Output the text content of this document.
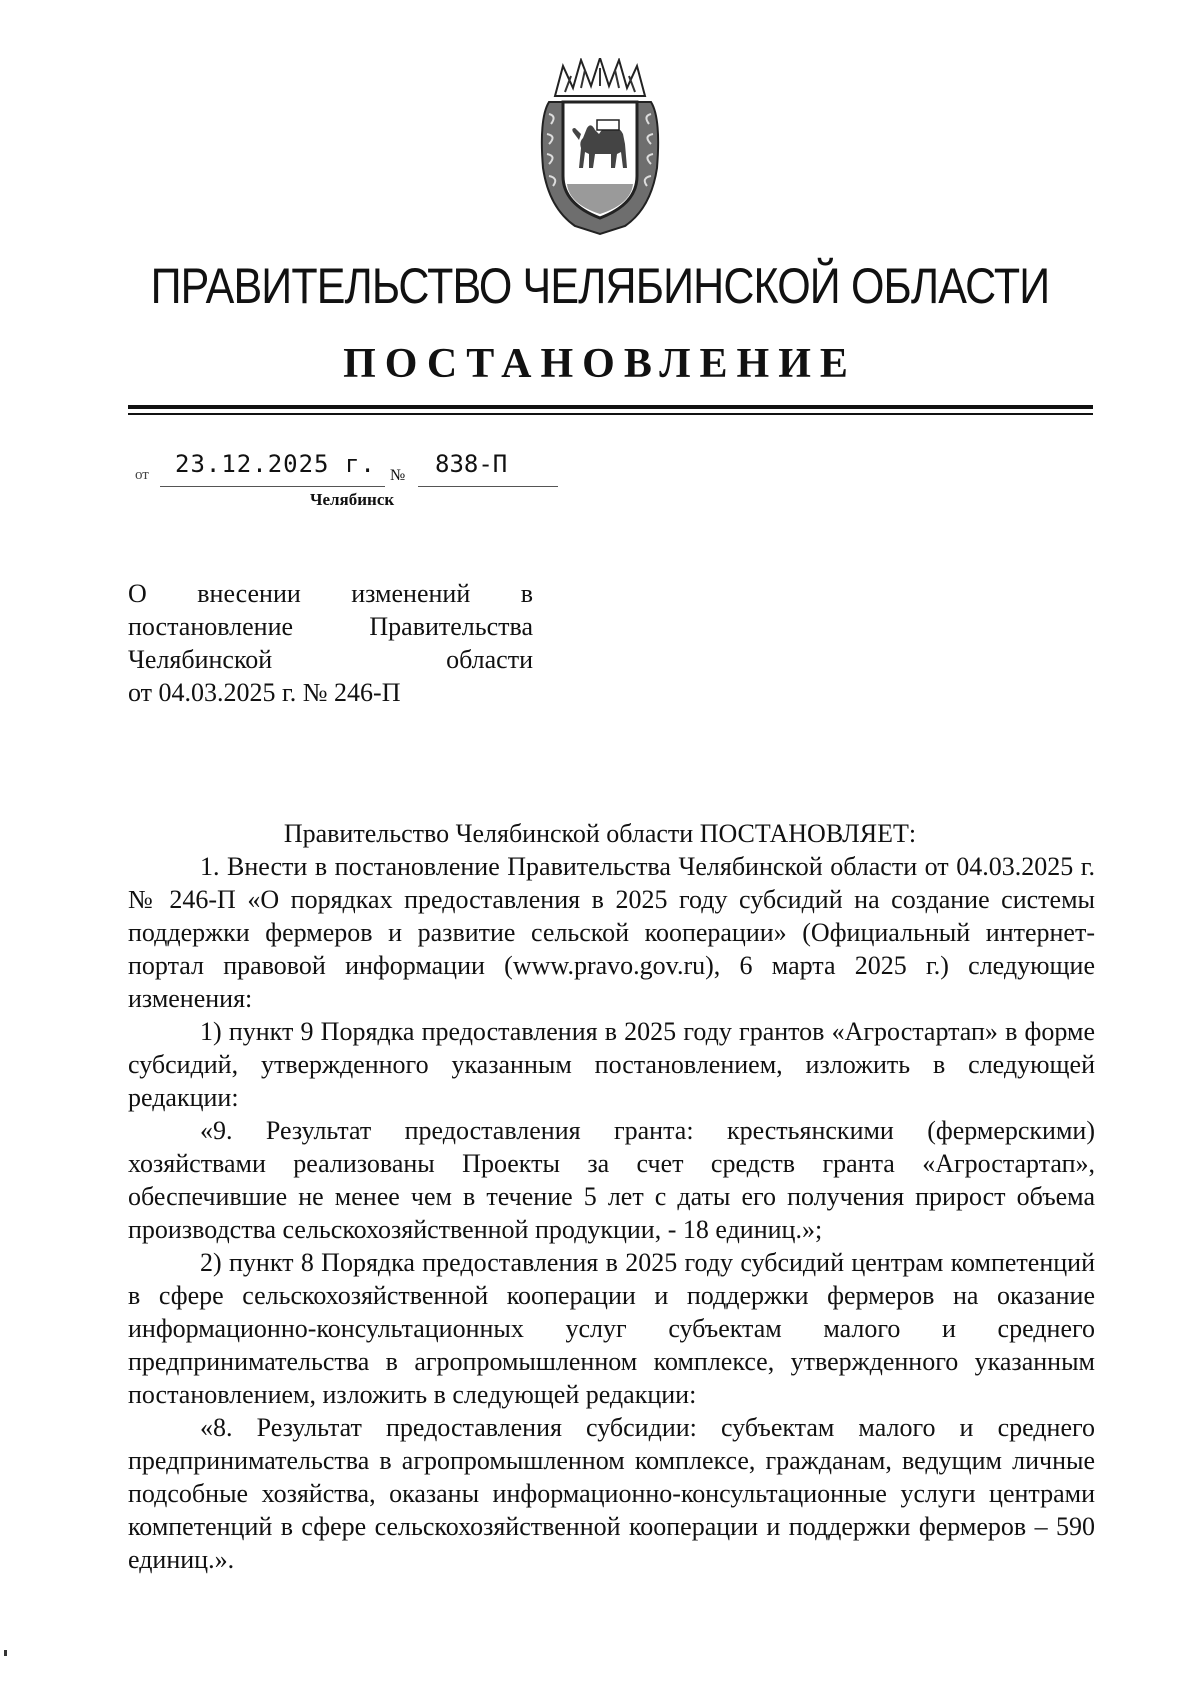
ПРАВИТЕЛЬСТВО ЧЕЛЯБИНСКОЙ ОБЛАСТИ
ПОСТАНОВЛЕНИЕ
от 23.12.2025 г. № 838-П
Челябинск
О внесении изменений в
постановление Правительства
Челябинской области
от 04.03.2025 г. № 246-П
Правительство Челябинской области ПОСТАНОВЛЯЕТ:

1. Внести в постановление Правительства Челябинской области от 04.03.2025 г. № 246-П «О порядках предоставления в 2025 году субсидий на создание системы поддержки фермеров и развитие сельской кооперации» (Официальный интернет-портал правовой информации (www.pravo.gov.ru), 6 марта 2025 г.) следующие изменения:

1) пункт 9 Порядка предоставления в 2025 году грантов «Агростартап» в форме субсидий, утвержденного указанным постановлением, изложить в следующей редакции:

«9. Результат предоставления гранта: крестьянскими (фермерскими) хозяйствами реализованы Проекты за счет средств гранта «Агростартап», обеспечившие не менее чем в течение 5 лет с даты его получения прирост объема производства сельскохозяйственной продукции, - 18 единиц.»;

2) пункт 8 Порядка предоставления в 2025 году субсидий центрам компетенций в сфере сельскохозяйственной кооперации и поддержки фермеров на оказание информационно-консультационных услуг субъектам малого и среднего предпринимательства в агропромышленном комплексе, утвержденного указанным постановлением, изложить в следующей редакции:

«8. Результат предоставления субсидии: субъектам малого и среднего предпринимательства в агропромышленном комплексе, гражданам, ведущим личные подсобные хозяйства, оказаны информационно-консультационные услуги центрами компетенций в сфере сельскохозяйственной кооперации и поддержки фермеров – 590 единиц.».
